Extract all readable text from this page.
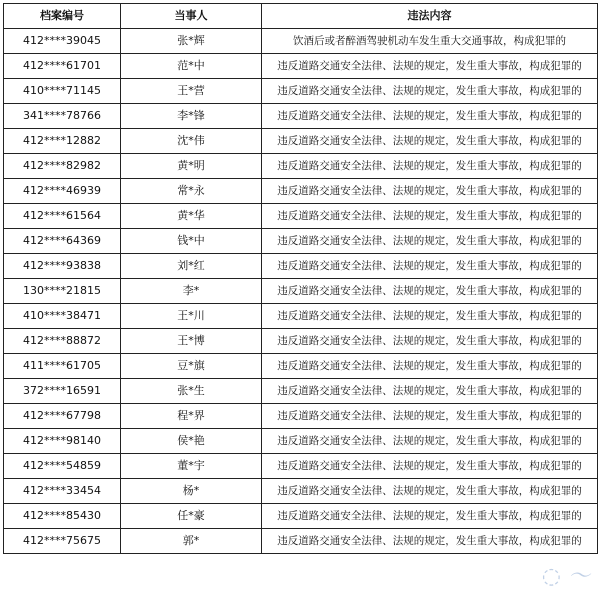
档案编号	当事人	违法内容
412****39045	张*辉	饮酒后或者醉酒驾驶机动车发生重大交通事故，构成犯罪的
412****61701	范*中	违反道路交通安全法律、法规的规定，发生重大事故，构成犯罪的
410****71145	王*营	违反道路交通安全法律、法规的规定，发生重大事故，构成犯罪的
341****78766	李*锋	违反道路交通安全法律、法规的规定，发生重大事故，构成犯罪的
412****12882	沈*伟	违反道路交通安全法律、法规的规定，发生重大事故，构成犯罪的
412****82982	黄*明	违反道路交通安全法律、法规的规定，发生重大事故，构成犯罪的
412****46939	常*永	违反道路交通安全法律、法规的规定，发生重大事故，构成犯罪的
412****61564	黄*华	违反道路交通安全法律、法规的规定，发生重大事故，构成犯罪的
412****64369	钱*中	违反道路交通安全法律、法规的规定，发生重大事故，构成犯罪的
412****93838	刘*红	违反道路交通安全法律、法规的规定，发生重大事故，构成犯罪的
130****21815	李*	违反道路交通安全法律、法规的规定，发生重大事故，构成犯罪的
410****38471	王*川	违反道路交通安全法律、法规的规定，发生重大事故，构成犯罪的
412****88872	王*博	违反道路交通安全法律、法规的规定，发生重大事故，构成犯罪的
411****61705	豆*旗	违反道路交通安全法律、法规的规定，发生重大事故，构成犯罪的
372****16591	张*生	违反道路交通安全法律、法规的规定，发生重大事故，构成犯罪的
412****67798	程*界	违反道路交通安全法律、法规的规定，发生重大事故，构成犯罪的
412****98140	侯*艳	违反道路交通安全法律、法规的规定，发生重大事故，构成犯罪的
412****54859	董*宇	违反道路交通安全法律、法规的规定，发生重大事故，构成犯罪的
412****33454	杨*	违反道路交通安全法律、法规的规定，发生重大事故，构成犯罪的
412****85430	任*豪	违反道路交通安全法律、法规的规定，发生重大事故，构成犯罪的
412****75675	郭*	违反道路交通安全法律、法规的规定，发生重大事故，构成犯罪的
◌ ～
